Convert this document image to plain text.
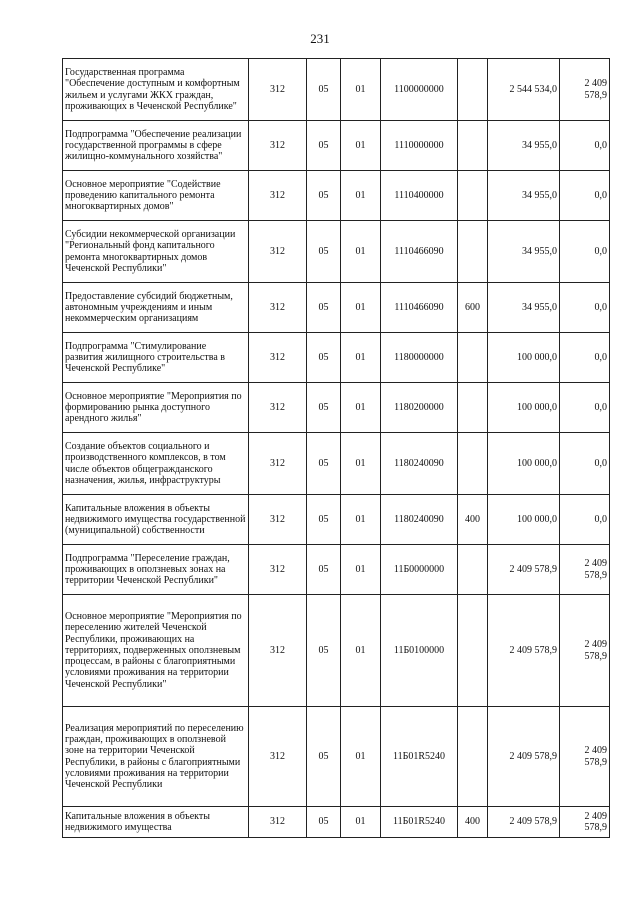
231
Государственная программа "Обеспечение доступным и комфортным жильем и услугами ЖКХ граждан, проживающих в Чеченской Республике"	312	05	01	1100000000		2 544 534,0	2 409 578,9
Подпрограмма "Обеспечение реализации государственной программы в сфере жилищно-коммунального хозяйства"	312	05	01	1110000000		34 955,0	0,0
Основное мероприятие "Содействие проведению капитального ремонта многоквартирных домов"	312	05	01	1110400000		34 955,0	0,0
Субсидии некоммерческой организации "Региональный фонд капитального ремонта многоквартирных домов Чеченской Республики"	312	05	01	1110466090		34 955,0	0,0
Предоставление субсидий бюджетным, автономным учреждениям и иным некоммерческим организациям	312	05	01	1110466090	600	34 955,0	0,0
Подпрограмма "Стимулирование развития жилищного строительства в Чеченской Республике"	312	05	01	1180000000		100 000,0	0,0
Основное мероприятие "Мероприятия по формированию рынка доступного арендного жилья"	312	05	01	1180200000		100 000,0	0,0
Создание объектов социального и производственного комплексов, в том числе объектов общегражданского назначения, жилья, инфраструктуры	312	05	01	1180240090		100 000,0	0,0
Капитальные вложения в объекты недвижимого имущества государственной (муниципальной) собственности	312	05	01	1180240090	400	100 000,0	0,0
Подпрограмма "Переселение граждан, проживающих в оползневых зонах на территории Чеченской Республики"	312	05	01	11Б0000000		2 409 578,9	2 409 578,9
Основное мероприятие "Мероприятия по переселению жителей Чеченской Республики, проживающих на территориях, подверженных оползневым процессам, в районы с благоприятными условиями проживания на территории Чеченской Республики"	312	05	01	11Б0100000		2 409 578,9	2 409 578,9
Реализация мероприятий по переселению граждан, проживающих в оползневой зоне на территории Чеченской Республики, в районы с благоприятными условиями проживания на территории Чеченской Республики	312	05	01	11Б01R5240		2 409 578,9	2 409 578,9
Капитальные вложения в объекты недвижимого имущества	312	05	01	11Б01R5240	400	2 409 578,9	2 409 578,9
